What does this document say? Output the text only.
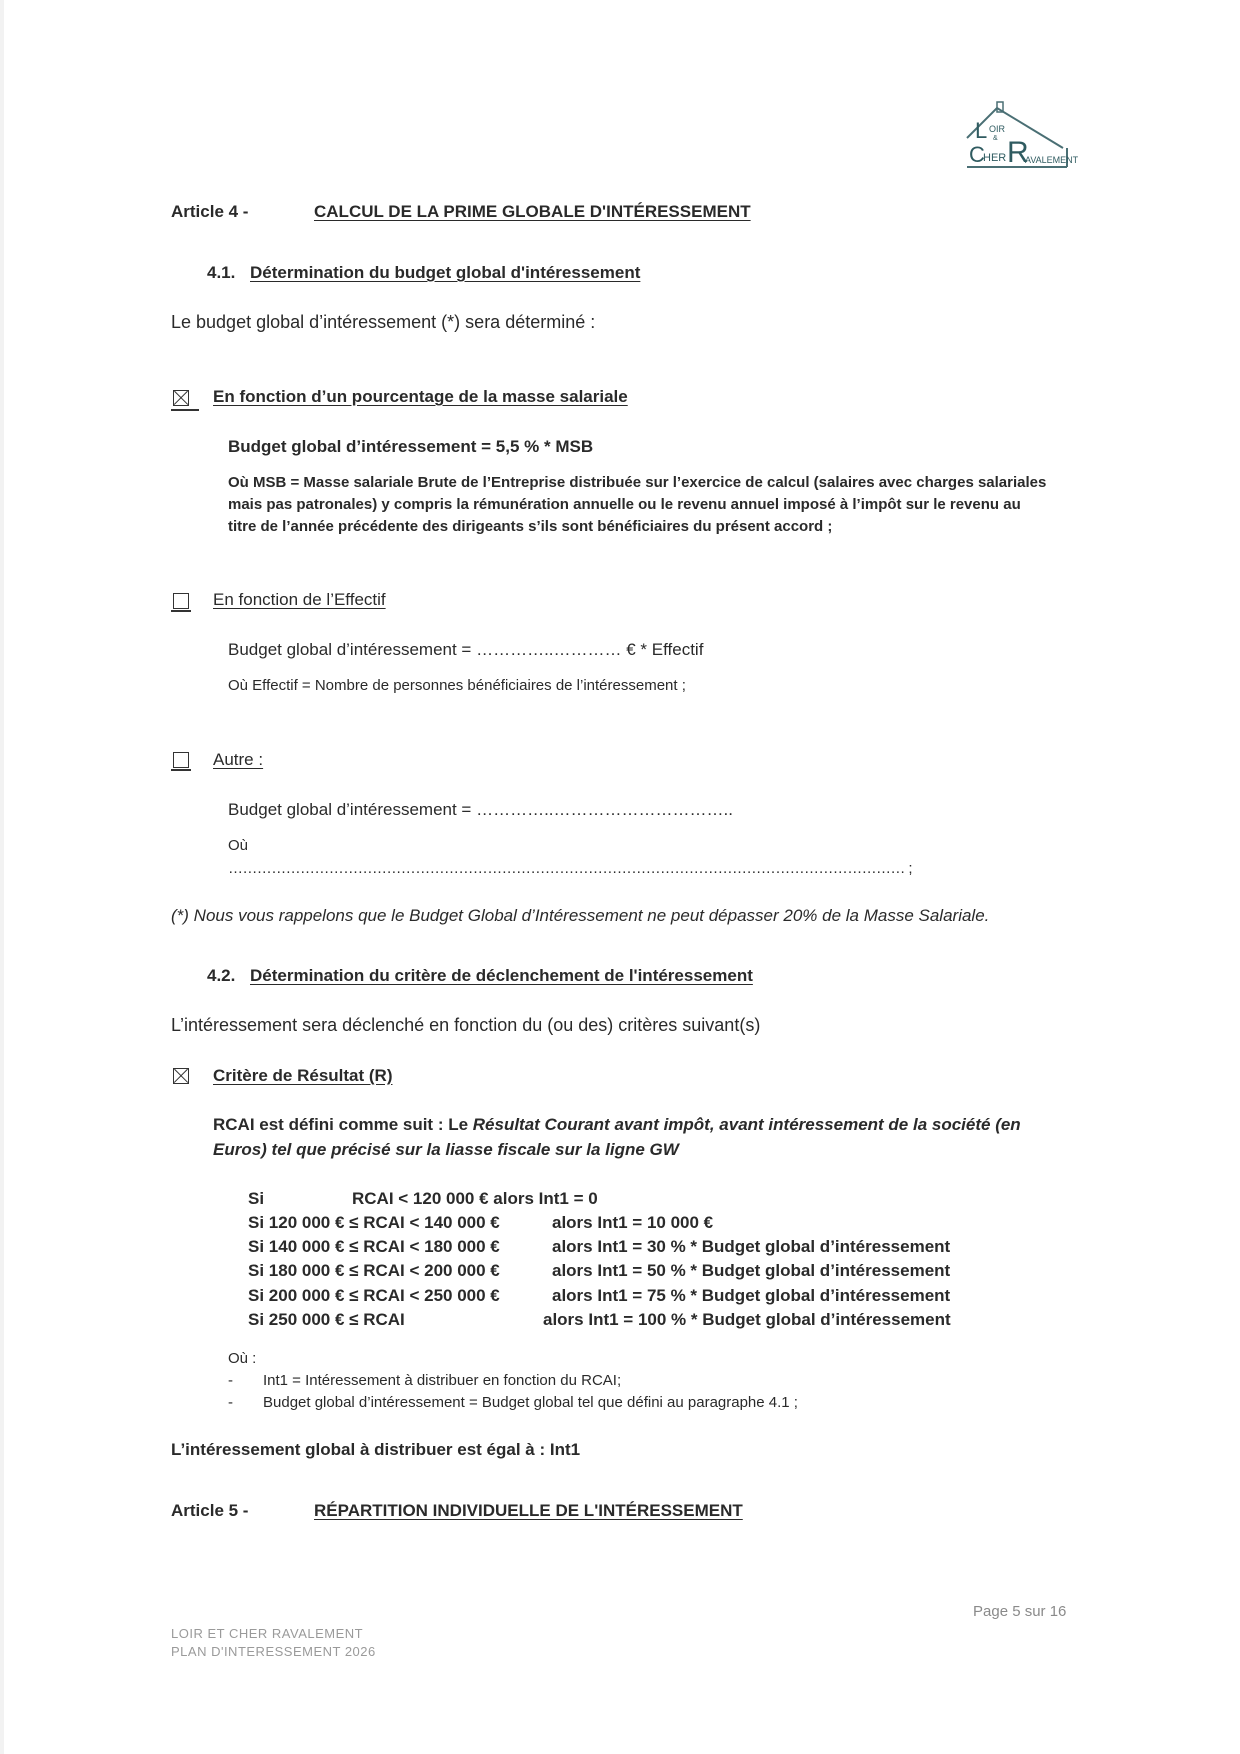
L OIR
&
C
HER R
AVALEMENT
Article 4 -	CALCUL DE LA PRIME GLOBALE D'INTÉRESSEMENT
4.1. Détermination du budget global d'intéressement
Le budget global d’intéressement (*) sera déterminé :
En fonction d’un pourcentage de la masse salariale
Budget global d’intéressement = 5,5 % * MSB
Où MSB = Masse salariale Brute de l’Entreprise distribuée sur l’exercice de calcul (salaires avec charges salariales
mais pas patronales) y compris la rémunération annuelle ou le revenu annuel imposé à l’impôt sur le revenu au
titre de l’année précédente des dirigeants s’ils sont bénéficiaires du présent accord ;
En fonction de l’Effectif
Budget global d’intéressement = …………..………… € * Effectif
Où Effectif = Nombre de personnes bénéficiaires de l’intéressement ;
Autre :
Budget global d’intéressement = …………..…………………………..
Où
…………………………………………………………………………………………………………………………… ;
(*) Nous vous rappelons que le Budget Global d’Intéressement ne peut dépasser 20% de la Masse Salariale.
4.2. Détermination du critère de déclenchement de l'intéressement
L’intéressement sera déclenché en fonction du (ou des) critères suivant(s)
Critère de Résultat (R)
RCAI est défini comme suit : Le Résultat Courant avant impôt, avant intéressement de la société (en
Euros) tel que précisé sur la liasse fiscale sur la ligne GW
Si	RCAI < 120 000 € alors Int1 = 0
Si 120 000 € ≤ RCAI < 140 000 €	alors Int1 = 10 000 €
Si 140 000 € ≤ RCAI < 180 000 €	alors Int1 = 30 % * Budget global d’intéressement
Si 180 000 € ≤ RCAI < 200 000 €	alors Int1 = 50 % * Budget global d’intéressement
Si 200 000 € ≤ RCAI < 250 000 €	alors Int1 = 75 % * Budget global d’intéressement
Si 250 000 € ≤ RCAI	alors Int1 = 100 % * Budget global d’intéressement
Où :
- Int1 = Intéressement à distribuer en fonction du RCAI;
- Budget global d’intéressement = Budget global tel que défini au paragraphe 4.1 ;
L’intéressement global à distribuer est égal à : Int1
Article 5 -	RÉPARTITION INDIVIDUELLE DE L'INTÉRESSEMENT
Page 5 sur 16
LOIR ET CHER RAVALEMENT
PLAN D'INTERESSEMENT 2026
